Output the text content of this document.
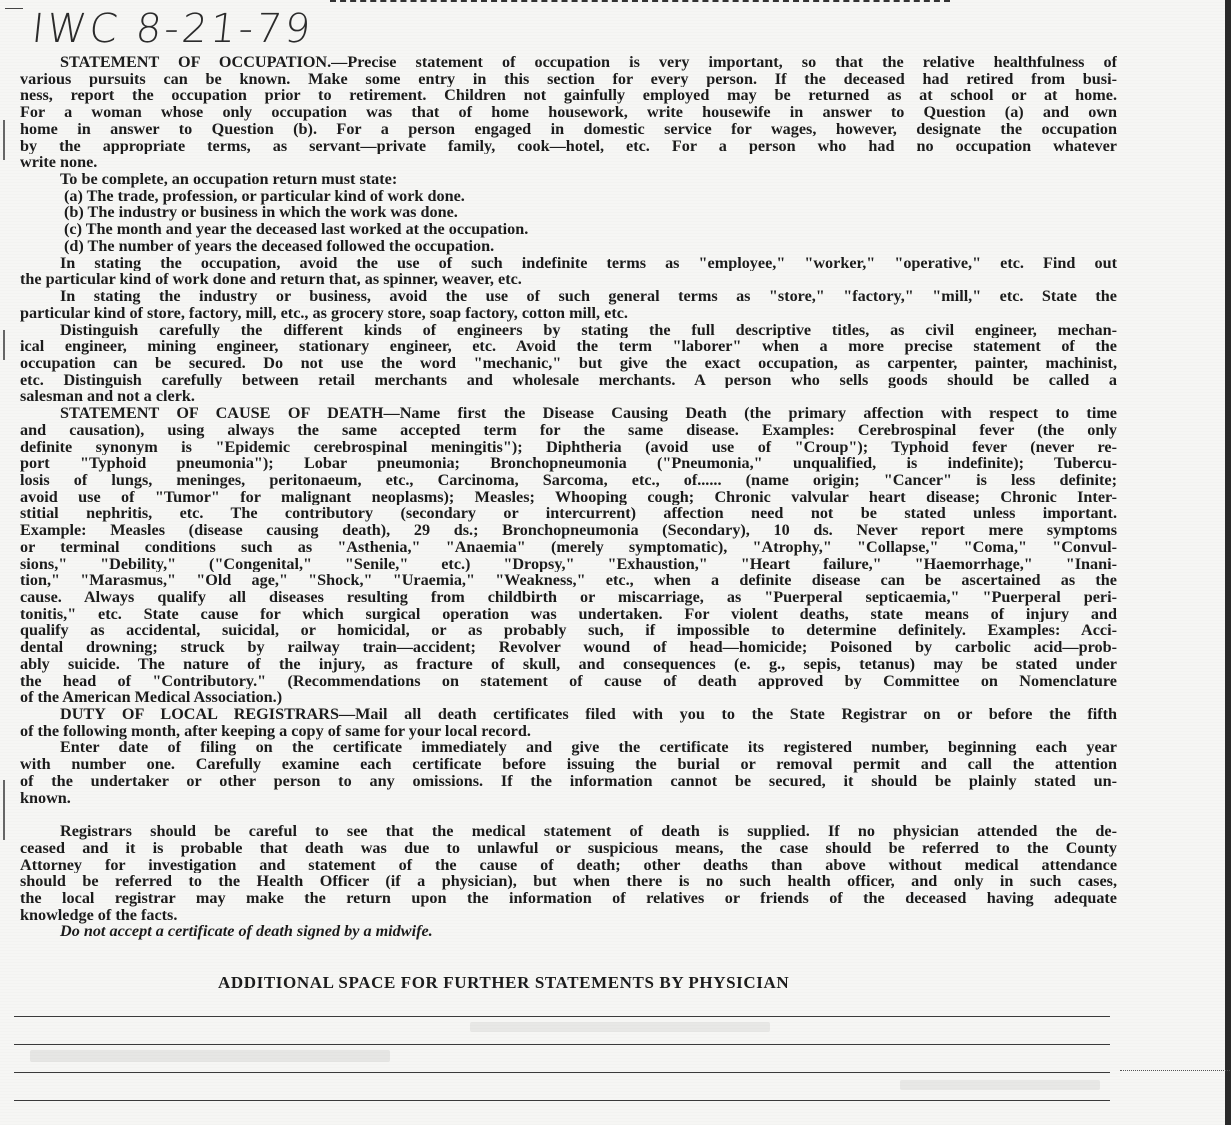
IWC 8-21-79
STATEMENT OF OCCUPATION.—Precise statement of occupation is very important, so that the relative healthfulness of
various pursuits can be known. Make some entry in this section for every person. If the deceased had retired from busi-
ness, report the occupation prior to retirement. Children not gainfully employed may be returned as at school or at home.
For a woman whose only occupation was that of home housework, write housewife in answer to Question (a) and own
home in answer to Question (b). For a person engaged in domestic service for wages, however, designate the occupation
by the appropriate terms, as servant—private family, cook—hotel, etc. For a person who had no occupation whatever
write none.
To be complete, an occupation return must state:
(a) The trade, profession, or particular kind of work done.
(b) The industry or business in which the work was done.
(c) The month and year the deceased last worked at the occupation.
(d) The number of years the deceased followed the occupation.
In stating the occupation, avoid the use of such indefinite terms as "employee," "worker," "operative," etc. Find out
the particular kind of work done and return that, as spinner, weaver, etc.
In stating the industry or business, avoid the use of such general terms as "store," "factory," "mill," etc. State the
particular kind of store, factory, mill, etc., as grocery store, soap factory, cotton mill, etc.
Distinguish carefully the different kinds of engineers by stating the full descriptive titles, as civil engineer, mechan-
ical engineer, mining engineer, stationary engineer, etc. Avoid the term "laborer" when a more precise statement of the
occupation can be secured. Do not use the word "mechanic," but give the exact occupation, as carpenter, painter, machinist,
etc. Distinguish carefully between retail merchants and wholesale merchants. A person who sells goods should be called a
salesman and not a clerk.
STATEMENT OF CAUSE OF DEATH—Name first the Disease Causing Death (the primary affection with respect to time
and causation), using always the same accepted term for the same disease. Examples: Cerebrospinal fever (the only
definite synonym is "Epidemic cerebrospinal meningitis"); Diphtheria (avoid use of "Croup"); Typhoid fever (never re-
port "Typhoid pneumonia"); Lobar pneumonia; Bronchopneumonia ("Pneumonia," unqualified, is indefinite); Tubercu-
losis of lungs, meninges, peritonaeum, etc., Carcinoma, Sarcoma, etc., of...... (name origin; "Cancer" is less definite;
avoid use of "Tumor" for malignant neoplasms); Measles; Whooping cough; Chronic valvular heart disease; Chronic Inter-
stitial nephritis, etc. The contributory (secondary or intercurrent) affection need not be stated unless important.
Example: Measles (disease causing death), 29 ds.; Bronchopneumonia (Secondary), 10 ds. Never report mere symptoms
or terminal conditions such as "Asthenia," "Anaemia" (merely symptomatic), "Atrophy," "Collapse," "Coma," "Convul-
sions," "Debility," ("Congenital," "Senile," etc.) "Dropsy," "Exhaustion," "Heart failure," "Haemorrhage," "Inani-
tion," "Marasmus," "Old age," "Shock," "Uraemia," "Weakness," etc., when a definite disease can be ascertained as the
cause. Always qualify all diseases resulting from childbirth or miscarriage, as "Puerperal septicaemia," "Puerperal peri-
tonitis," etc. State cause for which surgical operation was undertaken. For violent deaths, state means of injury and
qualify as accidental, suicidal, or homicidal, or as probably such, if impossible to determine definitely. Examples: Acci-
dental drowning; struck by railway train—accident; Revolver wound of head—homicide; Poisoned by carbolic acid—prob-
ably suicide. The nature of the injury, as fracture of skull, and consequences (e. g., sepis, tetanus) may be stated under
the head of "Contributory." (Recommendations on statement of cause of death approved by Committee on Nomenclature
of the American Medical Association.)
DUTY OF LOCAL REGISTRARS—Mail all death certificates filed with you to the State Registrar on or before the fifth
of the following month, after keeping a copy of same for your local record.
Enter date of filing on the certificate immediately and give the certificate its registered number, beginning each year
with number one. Carefully examine each certificate before issuing the burial or removal permit and call the attention
of the undertaker or other person to any omissions. If the information cannot be secured, it should be plainly stated un-
known.
Registrars should be careful to see that the medical statement of death is supplied. If no physician attended the de-
ceased and it is probable that death was due to unlawful or suspicious means, the case should be referred to the County
Attorney for investigation and statement of the cause of death; other deaths than above without medical attendance
should be referred to the Health Officer (if a physician), but when there is no such health officer, and only in such cases,
the local registrar may make the return upon the information of relatives or friends of the deceased having adequate
knowledge of the facts.
Do not accept a certificate of death signed by a midwife.
ADDITIONAL SPACE FOR FURTHER STATEMENTS BY PHYSICIAN
